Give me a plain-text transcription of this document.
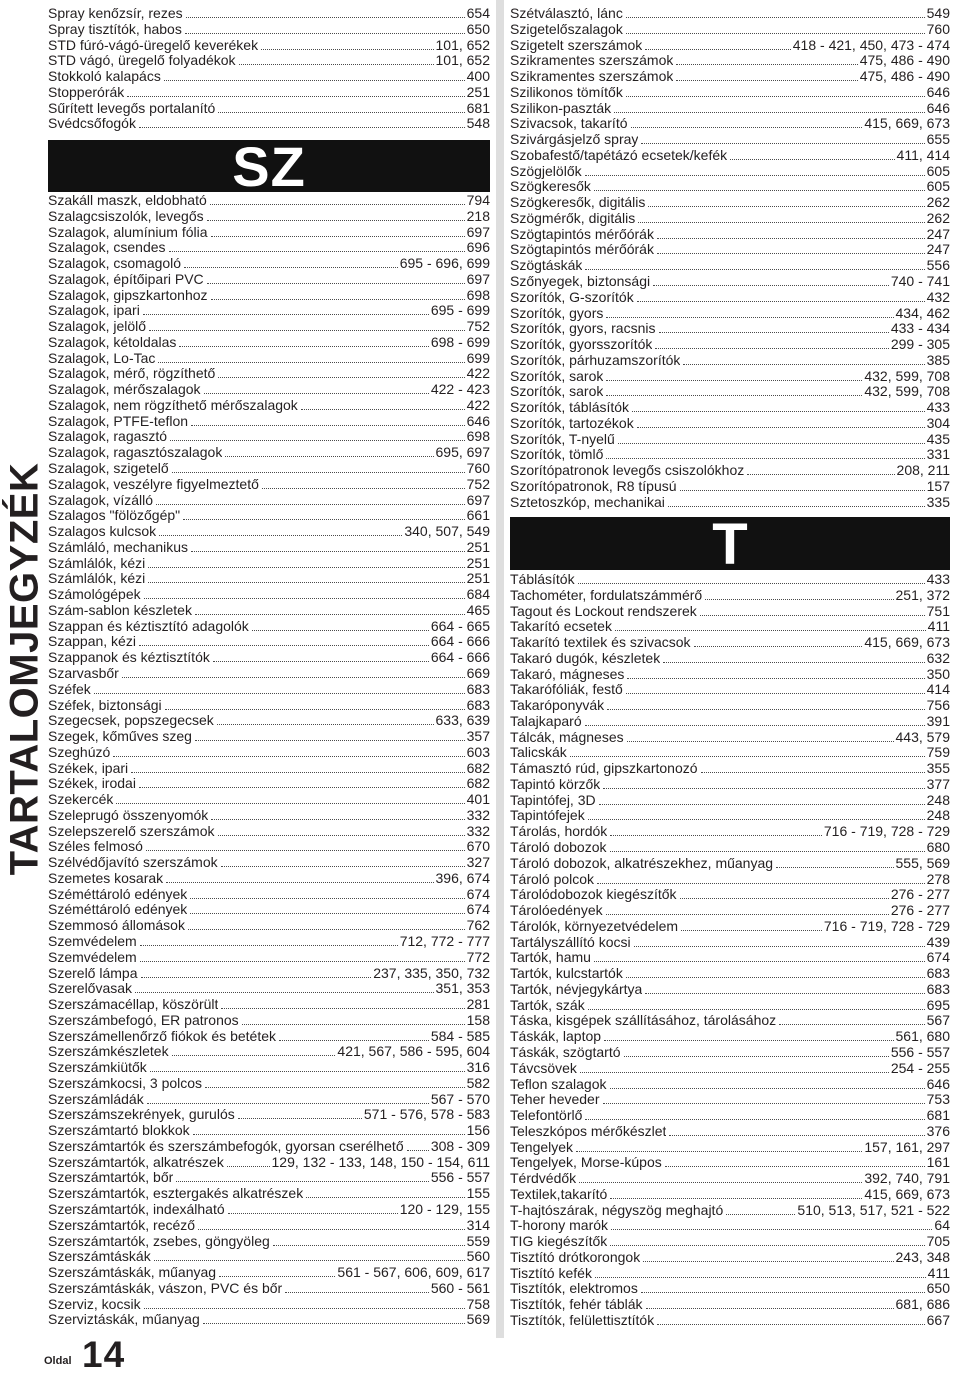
TARTALOMJEGYZÉK
Oldal 14
Spray kenőzsír, rezes	654
Spray tisztítók, habos	650
STD fúró-vágó-üregelő keverékek	101, 652
STD vágó, üregelő folyadékok	101, 652
Stokkoló kalapács	400
Stopperórák	251
Sűrített levegős portalanító	681
Svédcsőfogók	548
SZ
Szakáll maszk, eldobható	794
Szalagcsiszolók, levegős	218
Szalagok, alumínium fólia	697
Szalagok, csendes	696
Szalagok, csomagoló	695 - 696, 699
Szalagok, építőipari PVC	697
Szalagok, gipszkartonhoz	698
Szalagok, ipari	695 - 699
Szalagok, jelölő	752
Szalagok, kétoldalas	698 - 699
Szalagok, Lo-Tac	699
Szalagok, mérő, rögzíthető	422
Szalagok, mérőszalagok	422 - 423
Szalagok, nem rögzíthető mérőszalagok	422
Szalagok, PTFE-teflon	646
Szalagok, ragasztó	698
Szalagok, ragasztószalagok	695, 697
Szalagok, szigetelő	760
Szalagok, veszélyre figyelmeztető	752
Szalagok, vízálló	697
Szalagos "fölözőgép"	661
Szalagos kulcsok	340, 507, 549
Számláló, mechanikus	251
Számlálók, kézi	251
Számlálók, kézi	251
Számológépek	684
Szám-sablon készletek	465
Szappan és kéztisztító adagolók	664 - 665
Szappan, kézi	664 - 666
Szappanok és kéztisztítók	664 - 666
Szarvasbőr	669
Széfek	683
Széfek, biztonsági	683
Szegecsek, popszegecsek	633, 639
Szegek, kőműves szeg	357
Szeghúzó	603
Székek, ipari	682
Székek, irodai	682
Szekercék	401
Szeleprugó összenyomók	332
Szelepszerelő szerszámok	332
Széles felmosó	670
Szélvédőjavító szerszámok	327
Szemetes kosarak	396, 674
Széméttároló edények	674
Széméttároló edények	674
Szemmosó állomások	762
Szemvédelem	712, 772 - 777
Szemvédelem	772
Szerelő lámpa	237, 335, 350, 732
Szerelővasak	351, 353
Szerszámacéllap, köszörült	281
Szerszámbefogó, ER patronos	158
Szerszámellenőrző fiókok és betétek	584 - 585
Szerszámkészletek	421, 567, 586 - 595, 604
Szerszámkiütők	316
Szerszámkocsi, 3 polcos	582
Szerszámládák	567 - 570
Szerszámszekrények, gurulós	571 - 576, 578 - 583
Szerszámtartó blokkok	156
Szerszámtartók és szerszámbefogók, gyorsan cserélhető 308 - 309
Szerszámtartók, alkatrészek	129, 132 - 133, 148, 150 - 154, 611
Szerszámtartók, bőr	556 - 557
Szerszámtartók, esztergakés alkatrészek	155
Szerszámtartók, indexálható	120 - 129, 155
Szerszámtartók, recéző	314
Szerszámtartók, zsebes, göngyöleg	559
Szerszámtáskák	560
Szerszámtáskák, műanyag	561 - 567, 606, 609, 617
Szerszámtáskák, vászon, PVC és bőr	560 - 561
Szerviz, kocsik	758
Szerviztáskák, műanyag	569
Szétválasztó, lánc	549
Szigetelőszalagok	760
Szigetelt szerszámok	418 - 421, 450, 473 - 474
Szikramentes szerszámok	475, 486 - 490
Szikramentes szerszámok	475, 486 - 490
Szilikonos tömítők	646
Szilikon-paszták	646
Szivacsok, takarító	415, 669, 673
Szivárgásjelző spray	655
Szobafestő/tapétázó ecsetek/kefék	411, 414
Szögjelölők	605
Szögkeresők	605
Szögkeresők, digitális	262
Szögmérők, digitális	262
Szögtapintós mérőórák	247
Szögtapintós mérőórák	247
Szögtáskák	556
Szőnyegek, biztonsági	740 - 741
Szorítók, G-szorítók	432
Szorítók, gyors	434, 462
Szorítók, gyors, racsnis	433 - 434
Szorítók, gyorsszorítók	299 - 305
Szorítók, párhuzamszorítók	385
Szorítók, sarok	432, 599, 708
Szorítók, sarok	432, 599, 708
Szorítók, táblásítók	433
Szorítók, tartozékok	304
Szorítók, T-nyelű	435
Szorítók, tömlő	331
Szorítópatronok levegős csiszolókhoz	208, 211
Szorítópatronok, R8 típusú	157
Sztetoszkóp, mechanikai	335
T
Táblásítók	433
Tachométer, fordulatszámmérő	251, 372
Tagout és Lockout rendszerek	751
Takarító ecsetek	411
Takarító textilek és szivacsok	415, 669, 673
Takaró dugók, készletek	632
Takaró, mágneses	350
Takarófóliák, festő	414
Takaróponyvák	756
Talajkaparó	391
Tálcák, mágneses	443, 579
Talicskák	759
Támasztó rúd, gipszkartonozó	355
Tapintó körzők	377
Tapintófej, 3D	248
Tapintófejek	248
Tárolás, hordók	716 - 719, 728 - 729
Tároló dobozok	680
Tároló dobozok, alkatrészekhez, műanyag	555, 569
Tároló polcok	278
Tárolódobozok kiegészítők	276 - 277
Tárolóedények	276 - 277
Tárolók, környezetvédelem	716 - 719, 728 - 729
Tartályszállító kocsi	439
Tartók, hamu	674
Tartók, kulcstartók	683
Tartók, névjegykártya	683
Tartók, szák	695
Táska, kisgépek szállításához, tárolásához	567
Táskák, laptop	561, 680
Táskák, szögtartó	556 - 557
Távcsövek	254 - 255
Teflon szalagok	646
Teher heveder	753
Telefontörlő	681
Teleszkópos mérőkészlet	376
Tengelyek	157, 161, 297
Tengelyek, Morse-kúpos	161
Térdvédők	392, 740, 791
Textilek,takarító	415, 669, 673
T-hajtószárak, négyszög meghajtó	510, 513, 517, 521 - 522
T-horony marók	64
TIG kiegészítők	705
Tisztító drótkorongok	243, 348
Tisztító kefék	411
Tisztítók, elektromos	650
Tisztítók, fehér táblák	681, 686
Tisztítók, felülettisztítók	667
